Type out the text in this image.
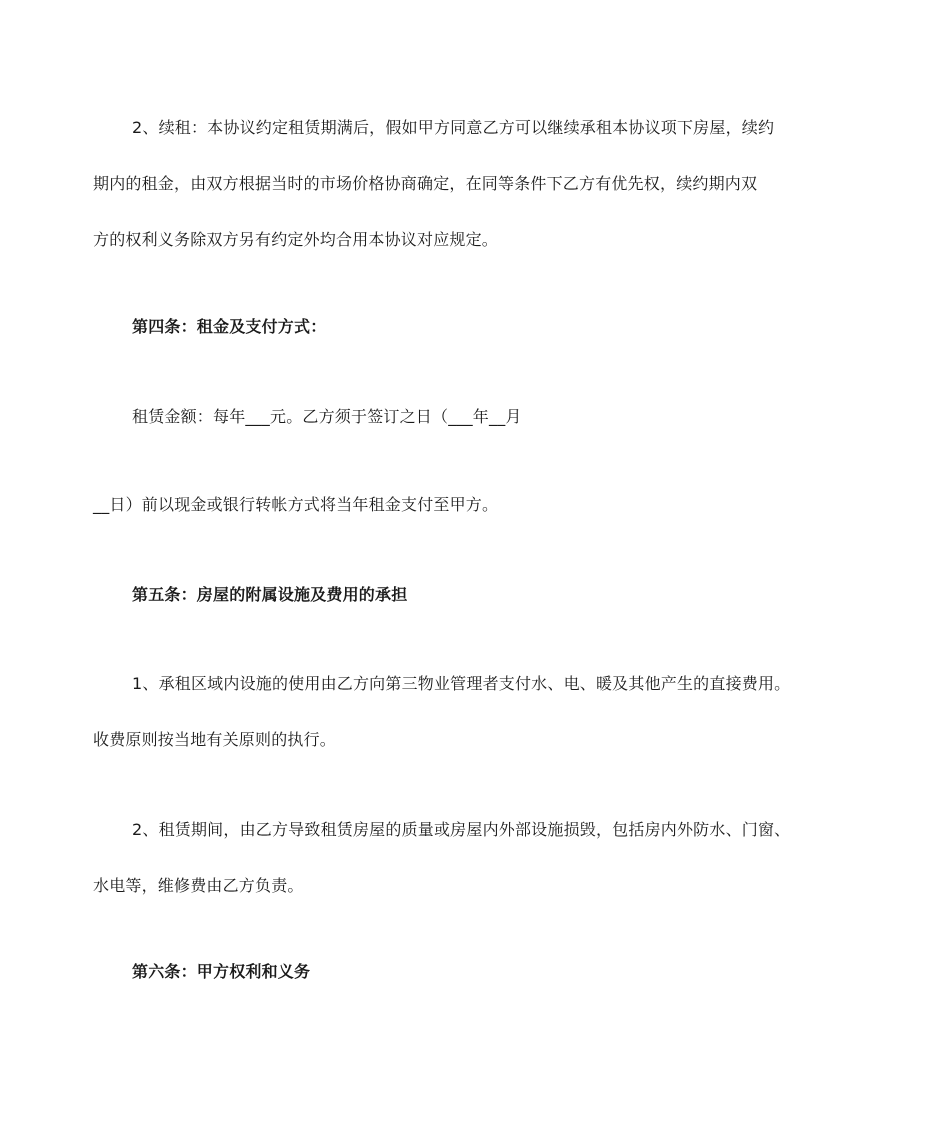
2、续租：本协议约定租赁期满后，假如甲方同意乙方可以继续承租本协议项下房屋，续约
期内的租金，由双方根据当时的市场价格协商确定，在同等条件下乙方有优先权，续约期内双
方的权利义务除双方另有约定外均合用本协议对应规定。
第四条：租金及支付方式：
租赁金额：每年___元。乙方须于签订之日（___年__月
__日）前以现金或银行转帐方式将当年租金支付至甲方。
第五条：房屋的附属设施及费用的承担
1、承租区域内设施的使用由乙方向第三物业管理者支付水、电、暖及其他产生的直接费用。
收费原则按当地有关原则的执行。
2、租赁期间，由乙方导致租赁房屋的质量或房屋内外部设施损毁，包括房内外防水、门窗、
水电等，维修费由乙方负责。
第六条：甲方权利和义务
